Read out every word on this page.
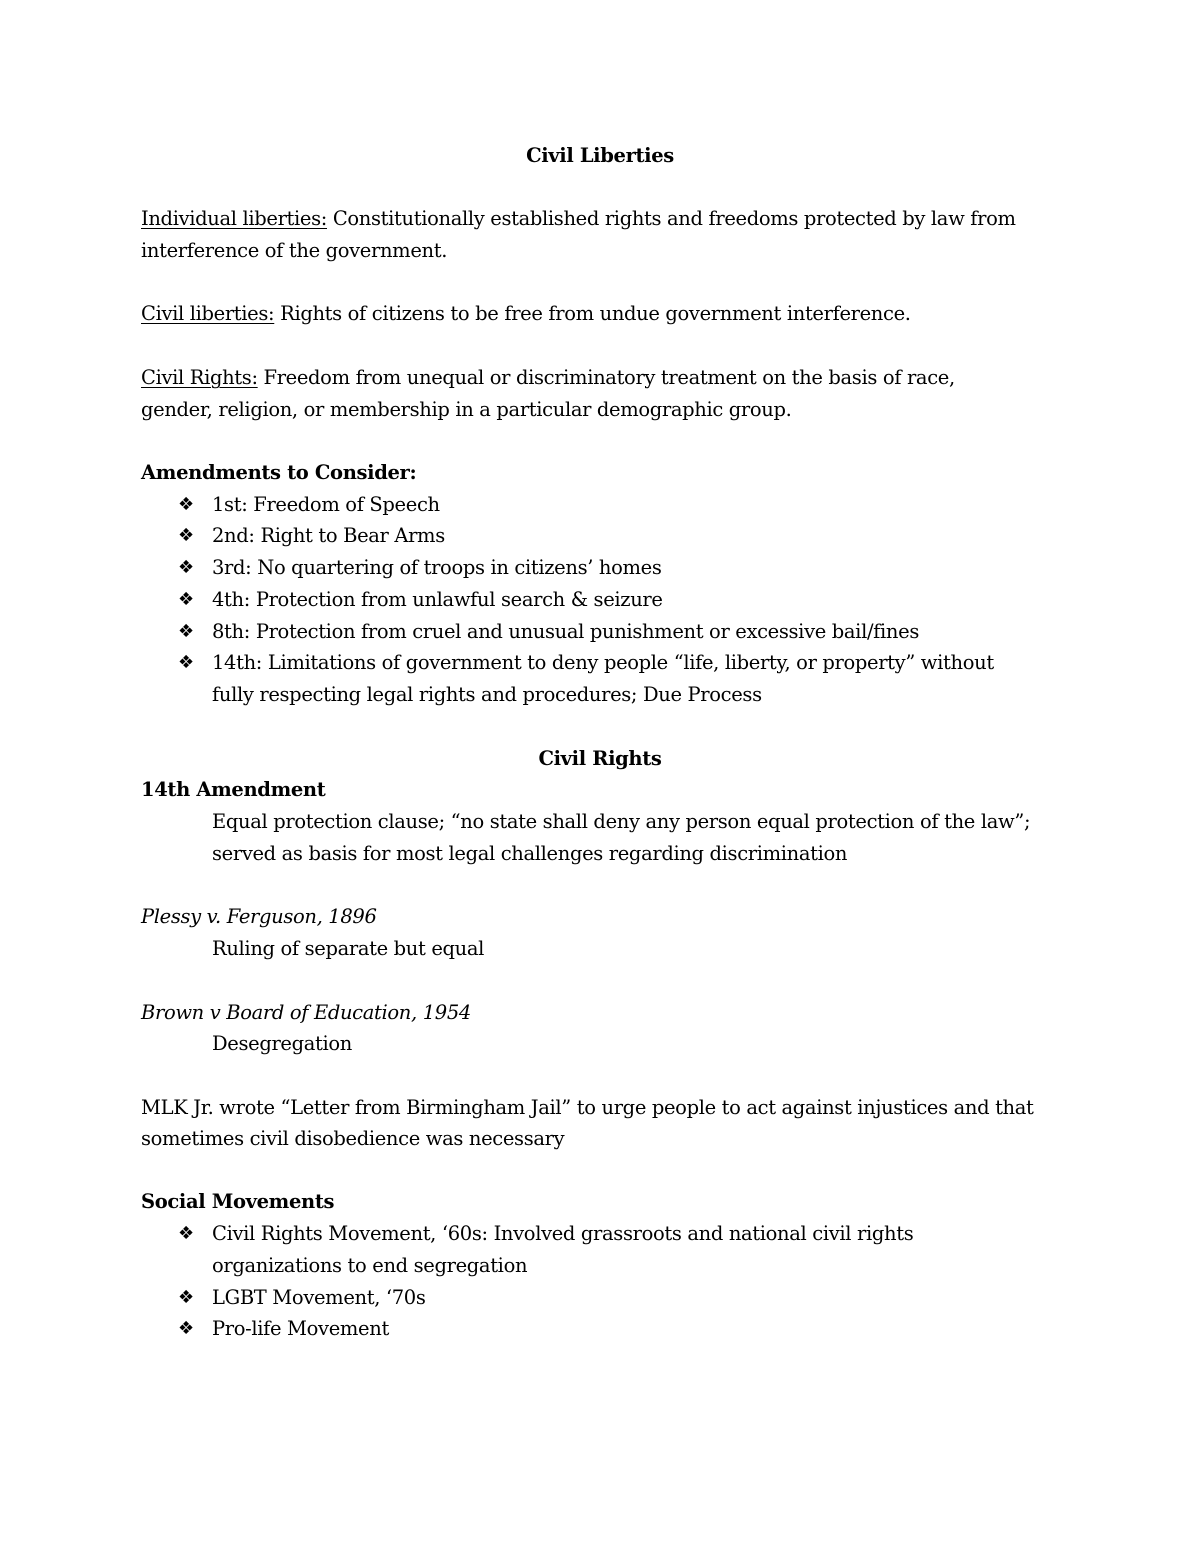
Civil Liberties
Individual liberties: Constitutionally established rights and freedoms protected by law from
interference of the government.
Civil liberties: Rights of citizens to be free from undue government interference.
Civil Rights: Freedom from unequal or discriminatory treatment on the basis of race,
gender, religion, or membership in a particular demographic group.
Amendments to Consider:
❖ 1st: Freedom of Speech
❖ 2nd: Right to Bear Arms
❖ 3rd: No quartering of troops in citizens’ homes
❖ 4th: Protection from unlawful search & seizure
❖ 8th: Protection from cruel and unusual punishment or excessive bail/fines
❖ 14th: Limitations of government to deny people “life, liberty, or property” without
fully respecting legal rights and procedures; Due Process
Civil Rights
14th Amendment
Equal protection clause; “no state shall deny any person equal protection of the law”;
served as basis for most legal challenges regarding discrimination
Plessy v. Ferguson, 1896
Ruling of separate but equal
Brown v Board of Education, 1954
Desegregation
MLK Jr. wrote “Letter from Birmingham Jail” to urge people to act against injustices and that
sometimes civil disobedience was necessary
Social Movements
❖ Civil Rights Movement, ‘60s: Involved grassroots and national civil rights
organizations to end segregation
❖ LGBT Movement, ‘70s
❖ Pro-life Movement
